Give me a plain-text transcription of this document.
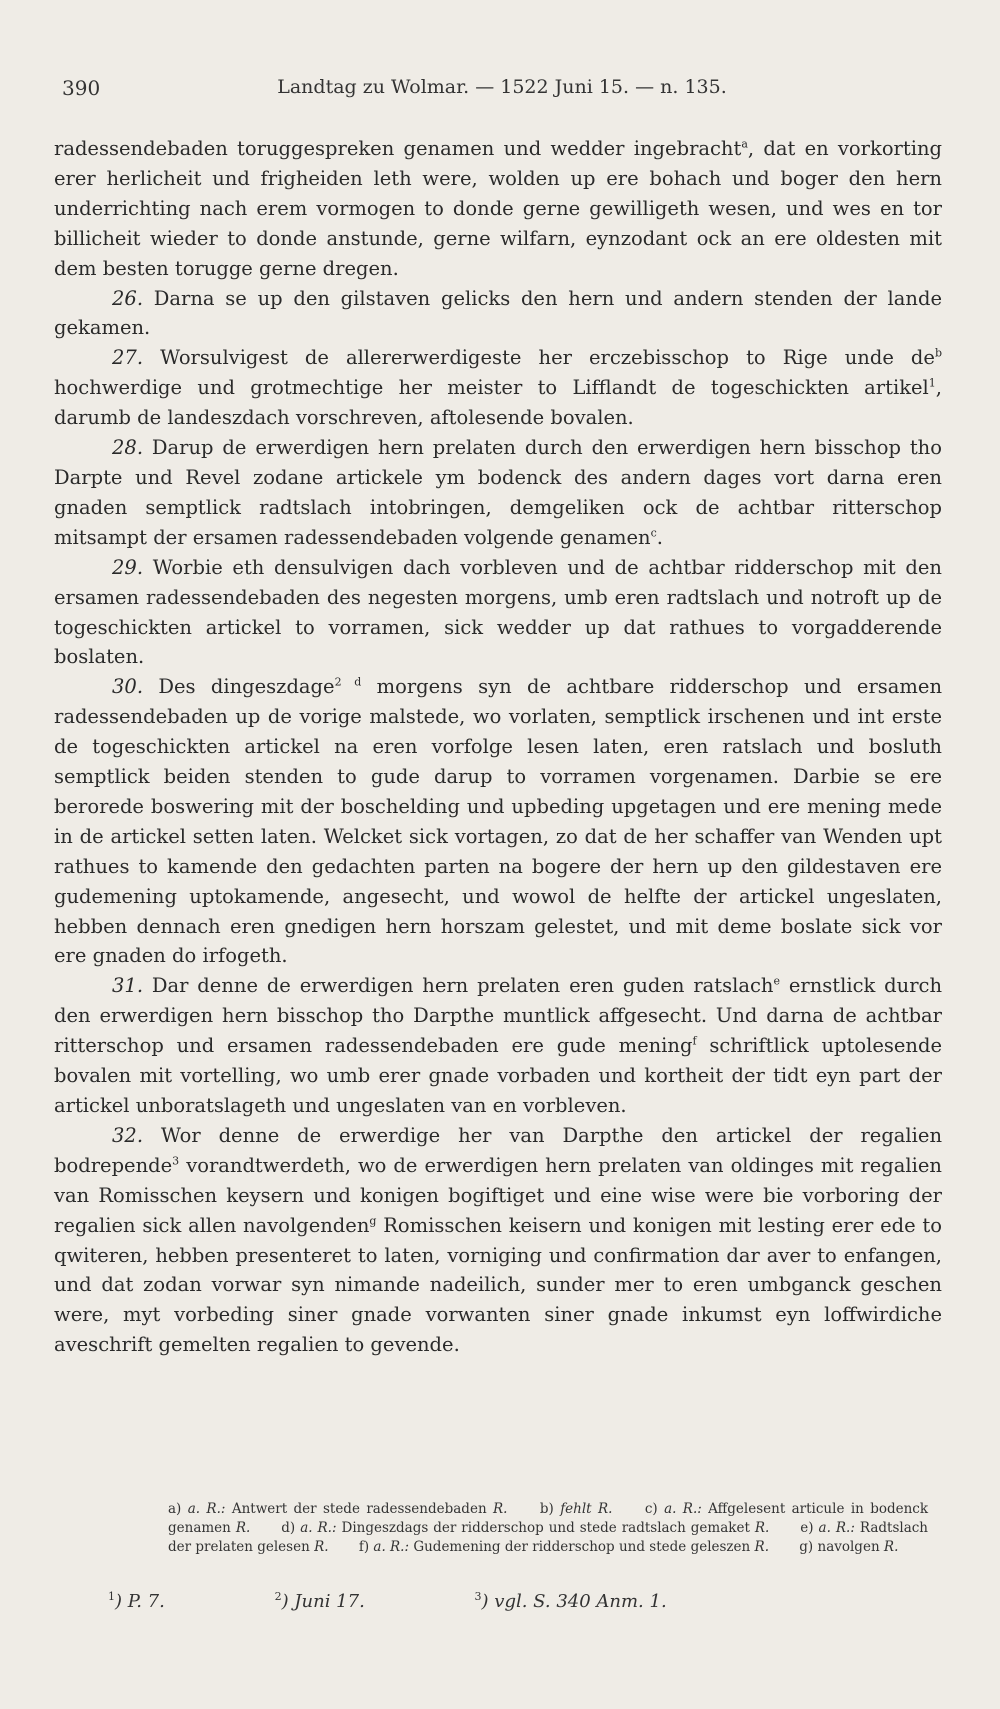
390	Landtag zu Wolmar. — 1522 Juni 15. — n. 135.

radessendebaden toruggespreken genamen und wedder ingebracht$^a$, dat en vorkorting erer herlicheit und frigheiden leth were, wolden up ere bohach und boger den hern underrichting nach erem vormogen to donde gerne gewilligeth wesen, und wes en tor billicheit wieder to donde anstunde, gerne wilfarn, eynzodant ock an ere oldesten mit dem besten torugge gerne dregen.

26. Darna se up den gilstaven gelicks den hern und andern stenden der lande gekamen.

27. Worsulvigest de allererwerdigeste her erczebisschop to Rige unde $de^b$ hochwerdige und grotmechtige her meister to Lifflandt de togeschickten artikel$^1$, darumb de landeszdach vorschreven, aftolesende bovalen.

28. Darup de erwerdigen hern prelaten durch den erwerdigen hern bisschop tho Darpte und Revel zodane artickele ym bodenck des andern dages vort darna eren gnaden semptlick radtslach intobringen, demgeliken ock de achtbar ritterschop mitsampt der ersamen radessendebaden volgende genamen$^c$.

29. Worbie eth densulvigen dach vorbleven und de achtbar ridderschop mit den ersamen radessendebaden des negesten morgens, umb eren radtslach und notroft up de togeschickten artickel to vorramen, sick wedder up dat rathues to vorgadderende boslaten.

30. Des dingeszdage$^{2 d}$ morgens syn de achtbare ridderschop und ersamen radessendebaden up de vorige malstede, wo vorlaten, semptlick irschenen und int erste de togeschickten artickel na eren vorfolge lesen laten, eren ratslach und bosluth semptlick beiden stenden to gude darup to vorramen vorgenamen. Darbie se ere berorede boswering mit der boschelding und upbeding upgetagen und ere mening mede in de artickel setten laten. Welcket sick vortagen, zo dat de her schaffer van Wenden upt rathues to kamende den gedachten parten na bogere der hern up den gildestaven ere gudemening uptokamende, angesecht, und wowol de helfte der artickel ungeslaten, hebben dennach eren gnedigen hern horszam gelestet, und mit deme boslate sick vor ere gnaden do irfogeth.

31. Dar denne de erwerdigen hern prelaten eren guden ratslach$^e$ ernstlick durch den erwerdigen hern bisschop tho Darpthe muntlick affgesecht. Und darna de achtbar ritterschop und ersamen radessendebaden ere gude mening$^f$ schriftlick uptolesende bovalen mit vortelling, wo umb erer gnade vorbaden und kortheit der tidt eyn part der artickel unboratslageth und ungeslaten van en vorbleven.

32. Wor denne de erwerdige her van Darpthe den artickel der regalien bodrepende$^3$ vorandtwerdeth, wo de erwerdigen hern prelaten van oldinges mit regalien van Romisschen keysern und konigen bogiftiget und eine wise were bie vorboring der regalien sick allen navolgenden$^g$ Romisschen keisern und konigen mit lesting erer ede to qwiteren, hebben presenteret to laten, vorniging und confirmation dar aver to enfangen, und dat zodan vorwar syn nimande nadeilich, sunder mer to eren umbganck geschen were, myt vorbeding siner gnade vorwanten siner gnade inkumst eyn loffwirdiche aveschrift gemelten regalien to gevende.

a) a. R.: Antwert der stede radessendebaden R. b) fehlt R. c) a. R.: Affgelesent articule in bodenck genamen R. d) a. R.: Dingeszdags der ridderschop und stede radtslach gemaket R. e) a. R.: Radtslach der prelaten gelesen R. f) a. R.: Gudemening der ridderschop und stede geleszen R. g) navolgen R.
$^1$) P. 7.	$^2$) Juni 17.	$^3$) vgl. S. 340 Anm. 1.
